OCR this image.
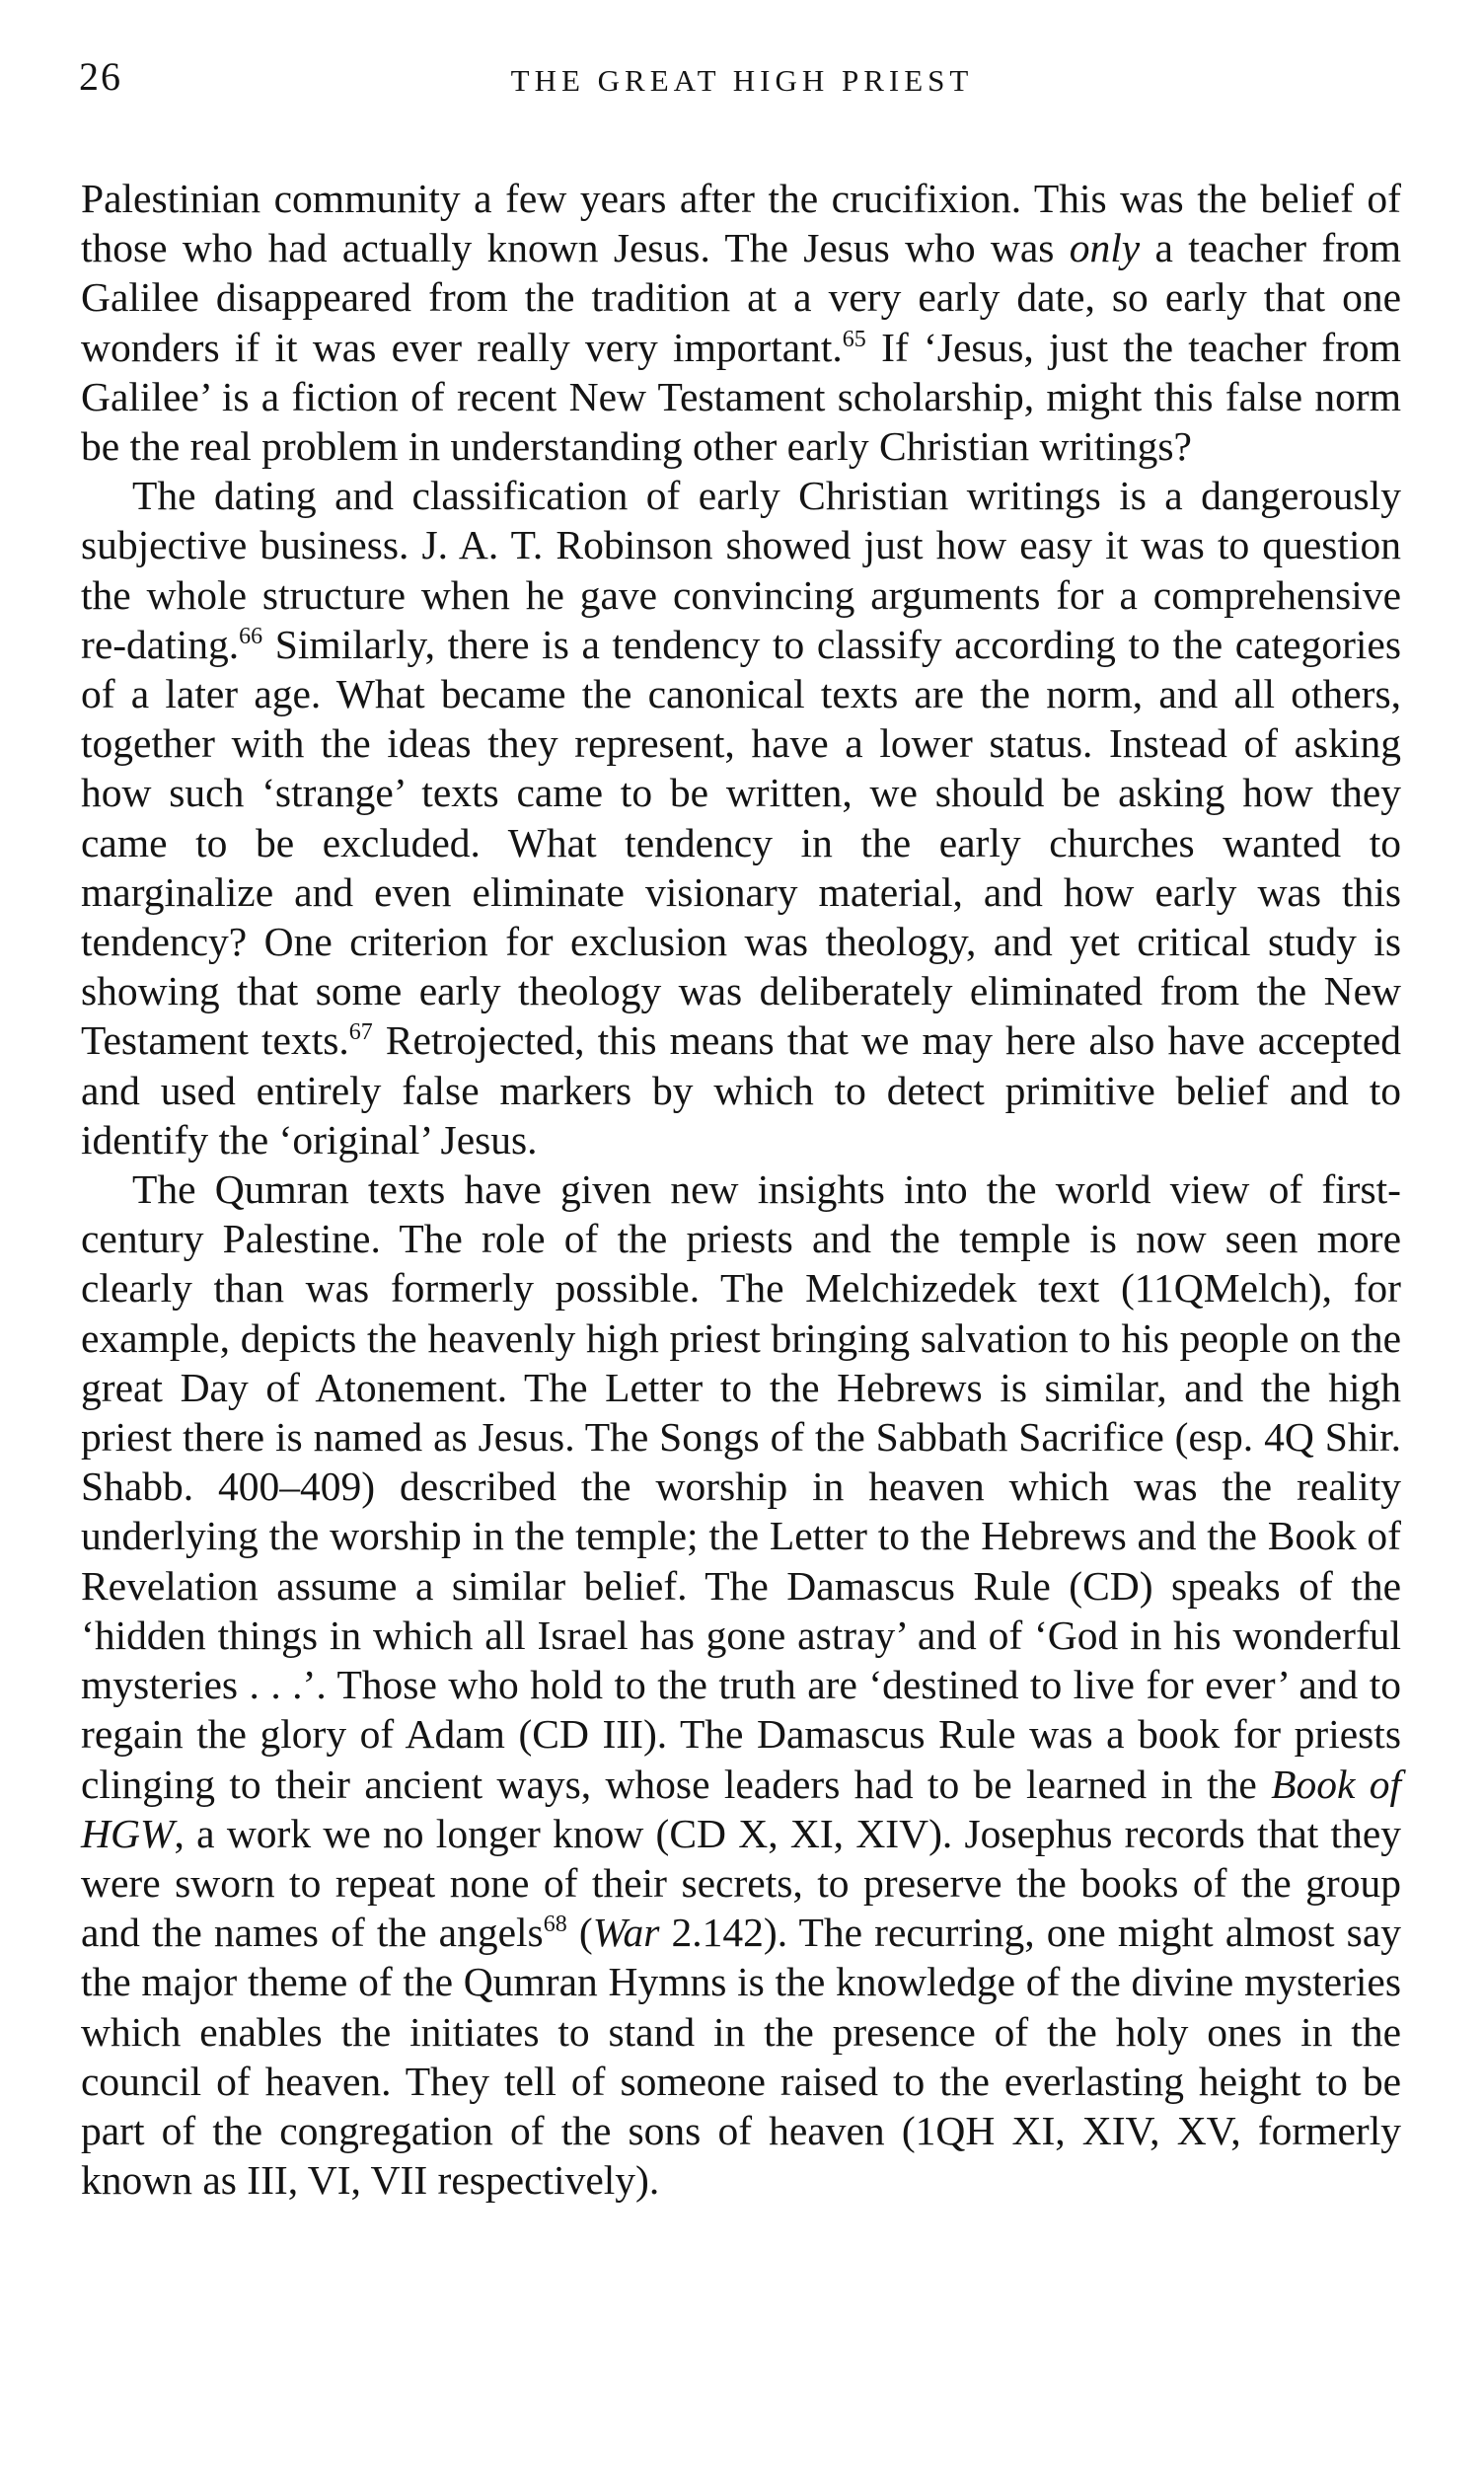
26	THE GREAT HIGH PRIEST

Palestinian community a few years after the crucifixion. This was the belief of those who had actually known Jesus. The Jesus who was only a teacher from Galilee disappeared from the tradition at a very early date, so early that one wonders if it was ever really very important.$^{65}$ If ‘Jesus, just the teacher from Galilee’ is a fiction of recent New Testament scholarship, might this false norm be the real problem in understanding other early Christian writings?

The dating and classification of early Christian writings is a dangerously subjective business. J. A. T. Robinson showed just how easy it was to question the whole structure when he gave convincing arguments for a comprehensive re-dating.$^{66}$ Similarly, there is a tendency to classify according to the categories of a later age. What became the canonical texts are the norm, and all others, together with the ideas they represent, have a lower status. Instead of asking how such ‘strange’ texts came to be written, we should be asking how they came to be excluded. What tendency in the early churches wanted to marginalize and even eliminate visionary material, and how early was this tendency? One criterion for exclusion was theology, and yet critical study is showing that some early theology was deliberately eliminated from the New Testament texts.$^{67}$ Retrojected, this means that we may here also have accepted and used entirely false markers by which to detect primitive belief and to identify the ‘original’ Jesus.

The Qumran texts have given new insights into the world view of first-century Palestine. The role of the priests and the temple is now seen more clearly than was formerly possible. The Melchizedek text (11QMelch), for example, depicts the heavenly high priest bringing salvation to his people on the great Day of Atonement. The Letter to the Hebrews is similar, and the high priest there is named as Jesus. The Songs of the Sabbath Sacrifice (esp. 4Q Shir. Shabb. 400–409) described the worship in heaven which was the reality underlying the worship in the temple; the Letter to the Hebrews and the Book of Revelation assume a similar belief. The Damascus Rule (CD) speaks of the ‘hidden things in which all Israel has gone astray’ and of ‘God in his wonderful mysteries . . .’. Those who hold to the truth are ‘destined to live for ever’ and to regain the glory of Adam (CD III). The Damascus Rule was a book for priests clinging to their ancient ways, whose leaders had to be learned in the Book of HGW, a work we no longer know (CD X, XI, XIV). Josephus records that they were sworn to repeat none of their secrets, to preserve the books of the group and the names of the angels$^{68}$ (War 2.142). The recurring, one might almost say the major theme of the Qumran Hymns is the knowledge of the divine mysteries which enables the initiates to stand in the presence of the holy ones in the council of heaven. They tell of someone raised to the everlasting height to be part of the congregation of the sons of heaven (1QH XI, XIV, XV, formerly known as III, VI, VII respectively).
